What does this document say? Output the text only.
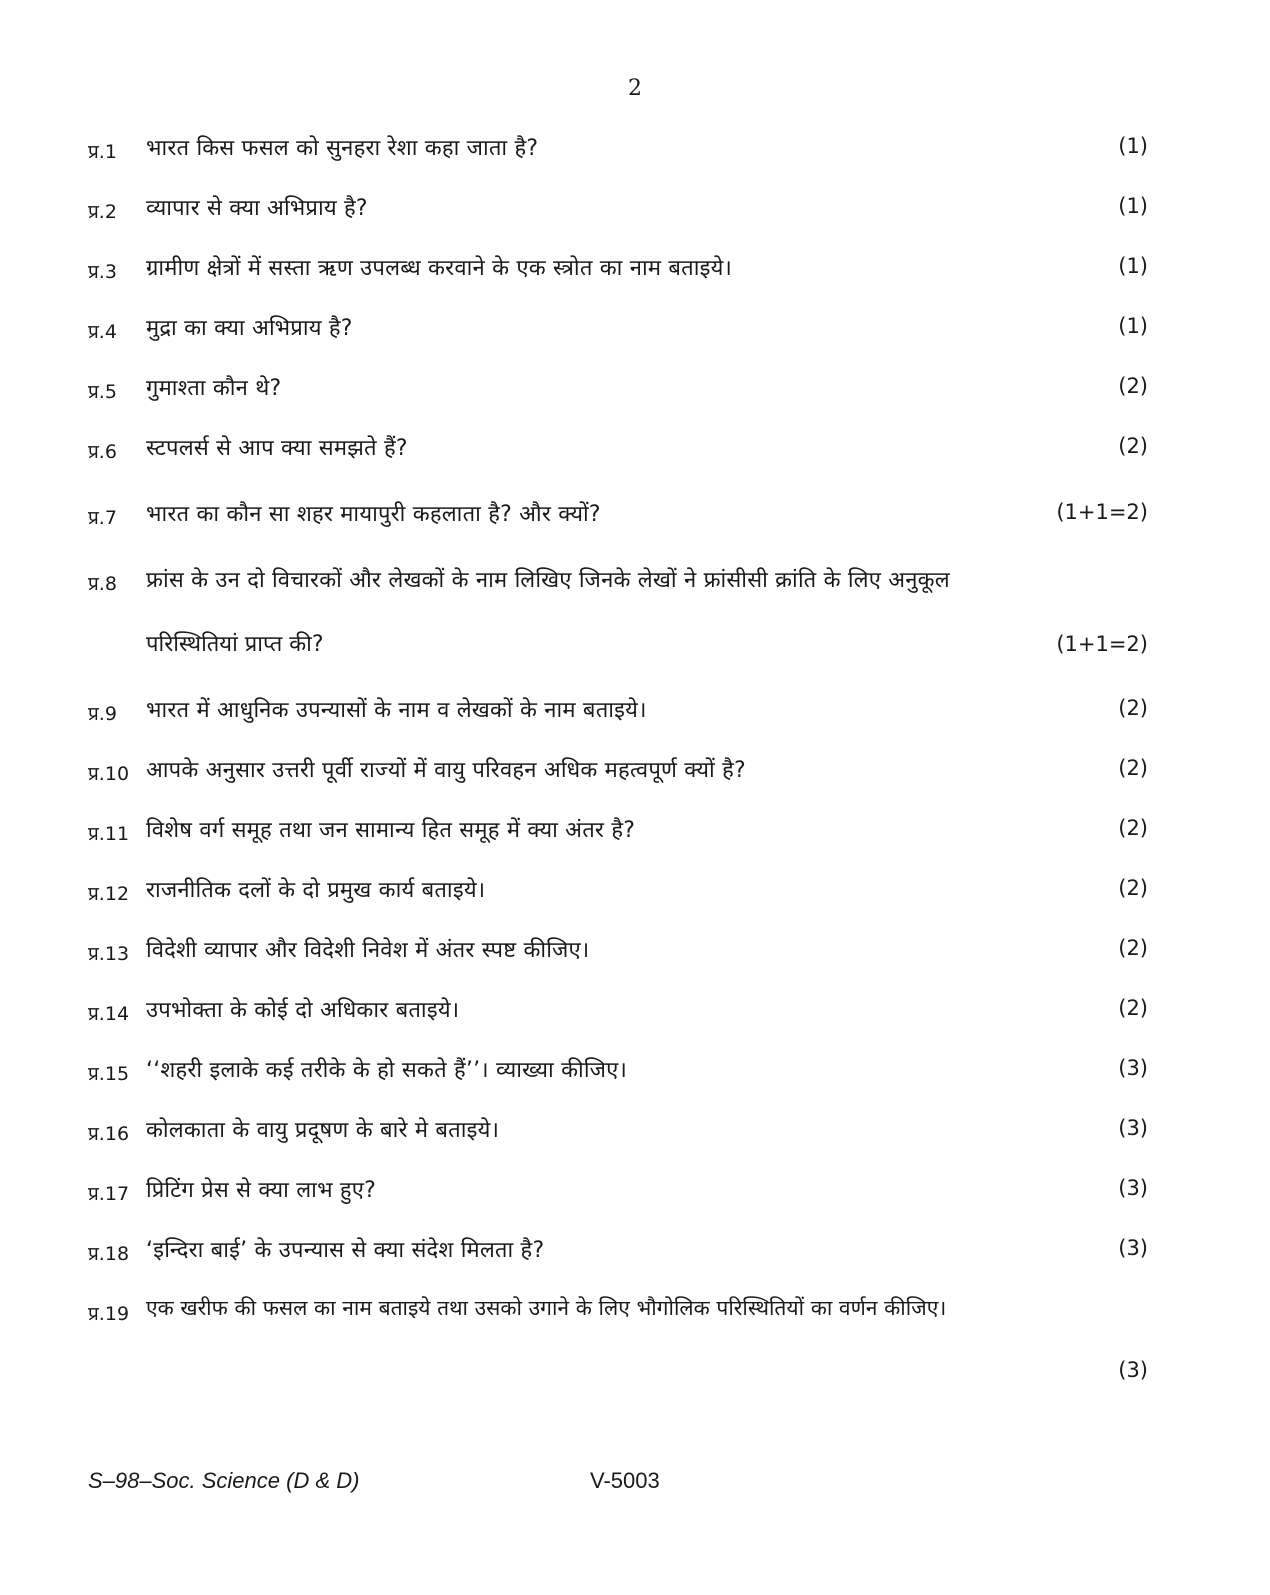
2
प्र.1 भारत किस फसल को सुनहरा रेशा कहा जाता है?	(1)
प्र.2 व्यापार से क्या अभिप्राय है?	(1)
प्र.3 ग्रामीण क्षेत्रों में सस्ता ऋण उपलब्ध करवाने के एक स्त्रोत का नाम बताइये।	(1)
प्र.4 मुद्रा का क्या अभिप्राय है?	(1)
प्र.5 गुमाश्ता कौन थे?	(2)
प्र.6 स्टपलर्स से आप क्या समझते हैं?	(2)
प्र.7 भारत का कौन सा शहर मायापुरी कहलाता है? और क्यों?	(1+1=2)
प्र.8 फ्रांस के उन दो विचारकों और लेखकों के नाम लिखिए जिनके लेखों ने फ्रांसीसी क्रांति के लिए अनुकूल
परिस्थितियां प्राप्त की?	(1+1=2)
प्र.9 भारत में आधुनिक उपन्यासों के नाम व लेखकों के नाम बताइये।	(2)
प्र.10 आपके अनुसार उत्तरी पूर्वी राज्यों में वायु परिवहन अधिक महत्वपूर्ण क्यों है?	(2)
प्र.11 विशेष वर्ग समूह तथा जन सामान्य हित समूह में क्या अंतर है?	(2)
प्र.12 राजनीतिक दलों के दो प्रमुख कार्य बताइये।	(2)
प्र.13 विदेशी व्यापार और विदेशी निवेश में अंतर स्पष्ट कीजिए।	(2)
प्र.14 उपभोक्ता के कोई दो अधिकार बताइये।	(2)
प्र.15 ‘‘शहरी इलाके कई तरीके के हो सकते हैं’’। व्याख्या कीजिए।	(3)
प्र.16 कोलकाता के वायु प्रदूषण के बारे मे बताइये।	(3)
प्र.17 प्रिटिंग प्रेस से क्या लाभ हुए?	(3)
प्र.18 ‘इन्दिरा बाई’ के उपन्यास से क्या संदेश मिलता है?	(3)
प्र.19 एक खरीफ की फसल का नाम बताइये तथा उसको उगाने के लिए भौगोलिक परिस्थितियों का वर्णन कीजिए।
(3)
S–98–Soc. Science (D & D)	V-5003
